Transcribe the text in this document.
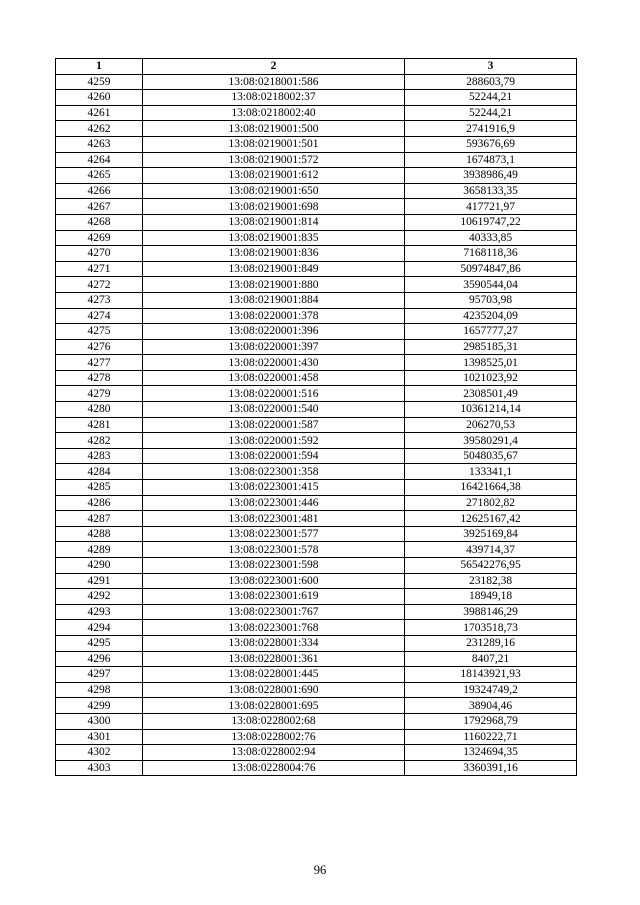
1	2	3
4259	13:08:0218001:586	288603,79
4260	13:08:0218002:37	52244,21
4261	13:08:0218002:40	52244,21
4262	13:08:0219001:500	2741916,9
4263	13:08:0219001:501	593676,69
4264	13:08:0219001:572	1674873,1
4265	13:08:0219001:612	3938986,49
4266	13:08:0219001:650	3658133,35
4267	13:08:0219001:698	417721,97
4268	13:08:0219001:814	10619747,22
4269	13:08:0219001:835	40333,85
4270	13:08:0219001:836	7168118,36
4271	13:08:0219001:849	50974847,86
4272	13:08:0219001:880	3590544,04
4273	13:08:0219001:884	95703,98
4274	13:08:0220001:378	4235204,09
4275	13:08:0220001:396	1657777,27
4276	13:08:0220001:397	2985185,31
4277	13:08:0220001:430	1398525,01
4278	13:08:0220001:458	1021023,92
4279	13:08:0220001:516	2308501,49
4280	13:08:0220001:540	10361214,14
4281	13:08:0220001:587	206270,53
4282	13:08:0220001:592	39580291,4
4283	13:08:0220001:594	5048035,67
4284	13:08:0223001:358	133341,1
4285	13:08:0223001:415	16421664,38
4286	13:08:0223001:446	271802,82
4287	13:08:0223001:481	12625167,42
4288	13:08:0223001:577	3925169,84
4289	13:08:0223001:578	439714,37
4290	13:08:0223001:598	56542276,95
4291	13:08:0223001:600	23182,38
4292	13:08:0223001:619	18949,18
4293	13:08:0223001:767	3988146,29
4294	13:08:0223001:768	1703518,73
4295	13:08:0228001:334	231289,16
4296	13:08:0228001:361	8407,21
4297	13:08:0228001:445	18143921,93
4298	13:08:0228001:690	19324749,2
4299	13:08:0228001:695	38904,46
4300	13:08:0228002:68	1792968,79
4301	13:08:0228002:76	1160222,71
4302	13:08:0228002:94	1324694,35
4303	13:08:0228004:76	3360391,16
96
